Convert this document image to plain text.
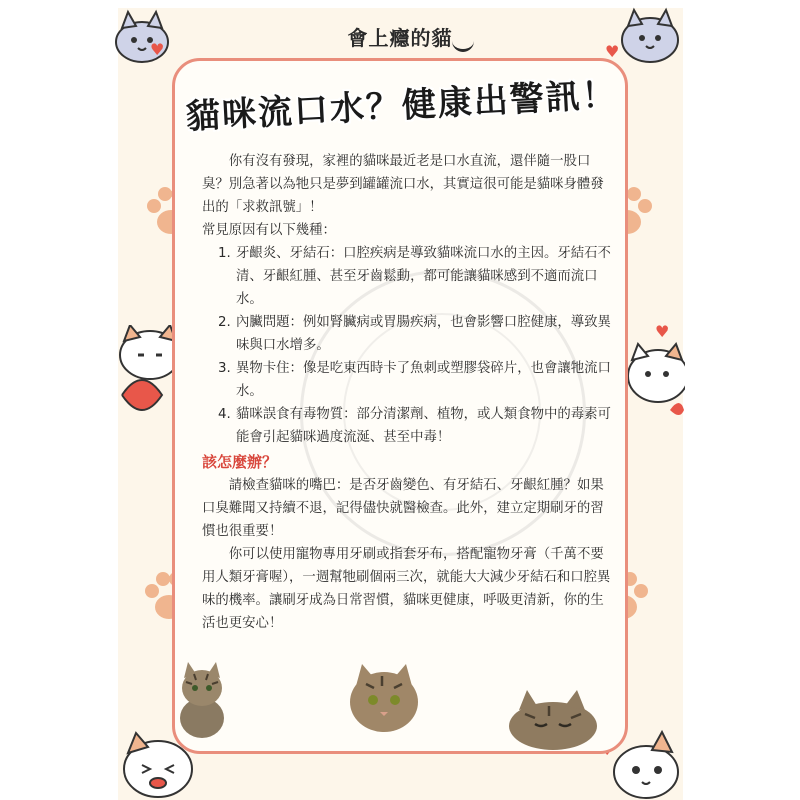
♥	♥
♥
會上癮的貓
貓咪流口水？健康出警訊！

你有沒有發現，家裡的貓咪最近老是口水直流，還伴隨一股口臭？別急著以為牠只是夢到罐罐流口水，其實這很可能是貓咪身體發出的「求救訊號」！

常見原因有以下幾種：

1. 牙齦炎、牙結石：口腔疾病是導致貓咪流口水的主因。牙結石不清、牙齦紅腫、甚至牙齒鬆動，都可能讓貓咪感到不適而流口水。
2. 內臟問題：例如腎臟病或胃腸疾病，也會影響口腔健康，導致異味與口水增多。
3. 異物卡住：像是吃東西時卡了魚刺或塑膠袋碎片，也會讓牠流口水。
4. 貓咪誤食有毒物質：部分清潔劑、植物，或人類食物中的毒素可能會引起貓咪過度流涎、甚至中毒！

該怎麼辦？

請檢查貓咪的嘴巴：是否牙齒變色、有牙結石、牙齦紅腫？如果口臭難聞又持續不退，記得儘快就醫檢查。此外，建立定期刷牙的習慣也很重要！

你可以使用寵物專用牙刷或指套牙布，搭配寵物牙膏（千萬不要用人類牙膏喔），一週幫牠刷個兩三次，就能大大減少牙結石和口腔異味的機率。讓刷牙成為日常習慣，貓咪更健康，呼吸更清新，你的生活也更安心！
